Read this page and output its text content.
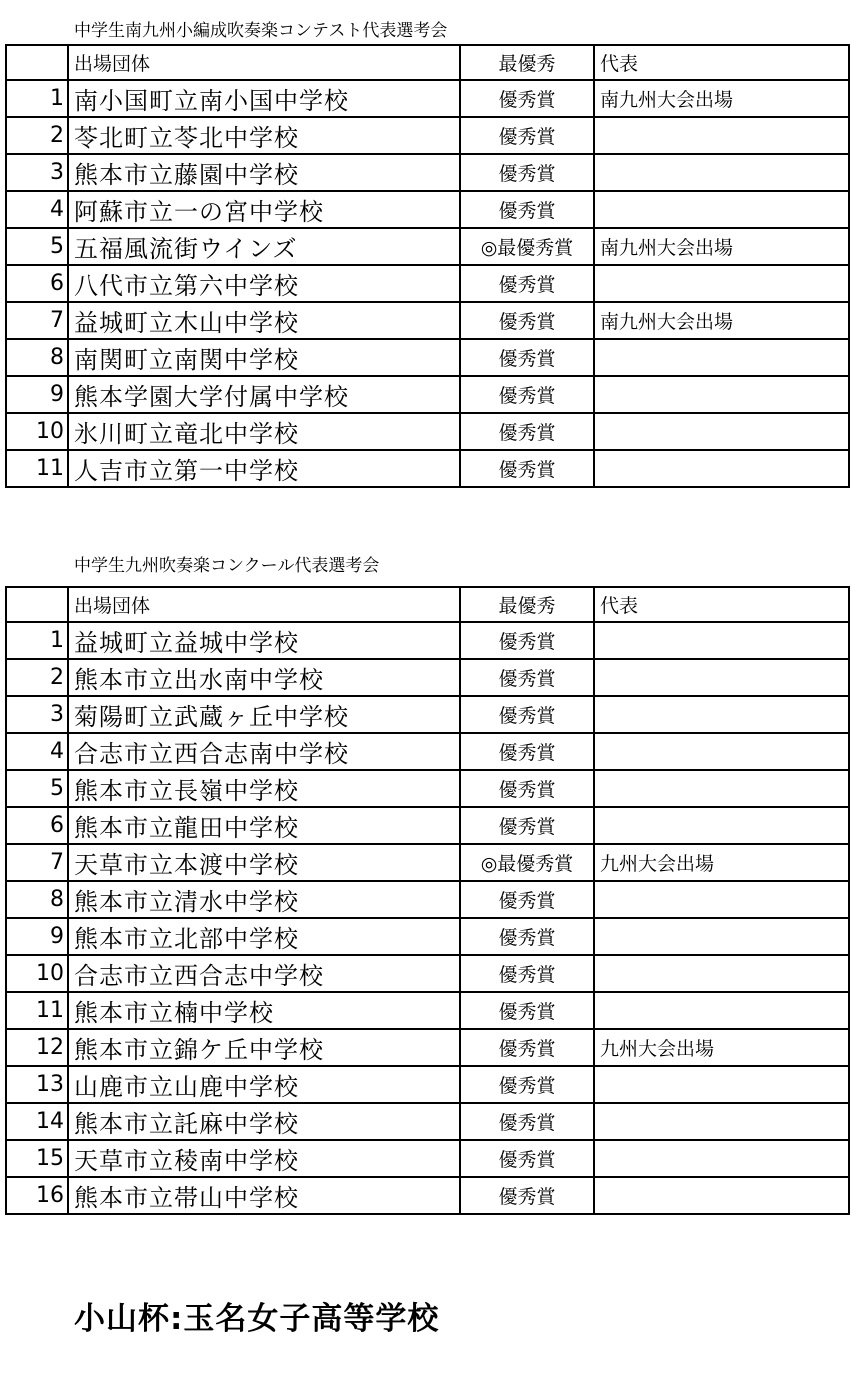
中学生南九州小編成吹奏楽コンテスト代表選考会
	出場団体	最優秀	代表
1	南小国町立南小国中学校	優秀賞	南九州大会出場
2	苓北町立苓北中学校	優秀賞	
3	熊本市立藤園中学校	優秀賞	
4	阿蘇市立一の宮中学校	優秀賞	
5	五福風流街ウインズ	◎最優秀賞	南九州大会出場
6	八代市立第六中学校	優秀賞	
7	益城町立木山中学校	優秀賞	南九州大会出場
8	南関町立南関中学校	優秀賞	
9	熊本学園大学付属中学校	優秀賞	
10	氷川町立竜北中学校	優秀賞	
11	人吉市立第一中学校	優秀賞	
中学生九州吹奏楽コンクール代表選考会
	出場団体	最優秀	代表
1	益城町立益城中学校	優秀賞	
2	熊本市立出水南中学校	優秀賞	
3	菊陽町立武蔵ヶ丘中学校	優秀賞	
4	合志市立西合志南中学校	優秀賞	
5	熊本市立長嶺中学校	優秀賞	
6	熊本市立龍田中学校	優秀賞	
7	天草市立本渡中学校	◎最優秀賞	九州大会出場
8	熊本市立清水中学校	優秀賞	
9	熊本市立北部中学校	優秀賞	
10	合志市立西合志中学校	優秀賞	
11	熊本市立楠中学校	優秀賞	
12	熊本市立錦ケ丘中学校	優秀賞	九州大会出場
13	山鹿市立山鹿中学校	優秀賞	
14	熊本市立託麻中学校	優秀賞	
15	天草市立稜南中学校	優秀賞	
16	熊本市立帯山中学校	優秀賞	
小山杯:玉名女子高等学校
